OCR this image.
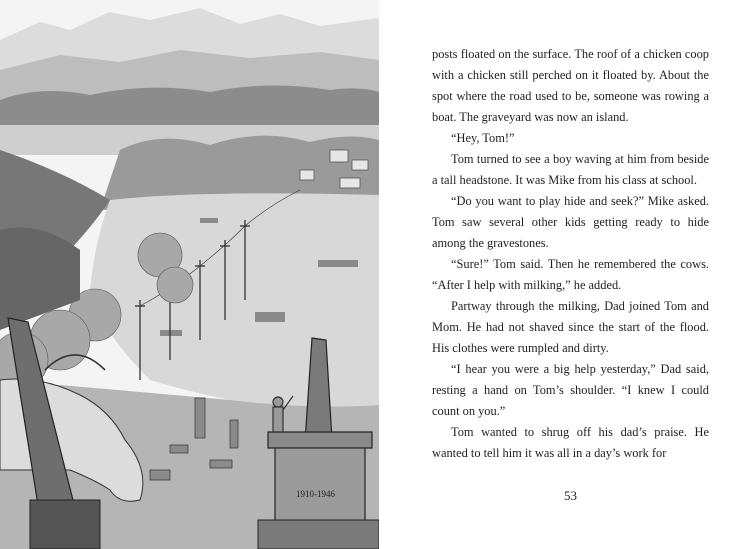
1910-1946

posts floated on the surface. The roof of a chicken coop with a chicken still perched on it floated by. About the spot where the road used to be, someone was rowing a boat. The graveyard was now an island.

“Hey, Tom!”

Tom turned to see a boy waving at him from beside a tall headstone. It was Mike from his class at school.

“Do you want to play hide and seek?” Mike asked. Tom saw several other kids getting ready to hide among the gravestones.

“Sure!” Tom said. Then he remembered the cows. “After I help with milking,” he added.

Partway through the milking, Dad joined Tom and Mom. He had not shaved since the start of the flood. His clothes were rumpled and dirty.

“I hear you were a big help yesterday,” Dad said, resting a hand on Tom’s shoulder. “I knew I could count on you.”

Tom wanted to shrug off his dad’s praise. He wanted to tell him it was all in a day’s work for

53
